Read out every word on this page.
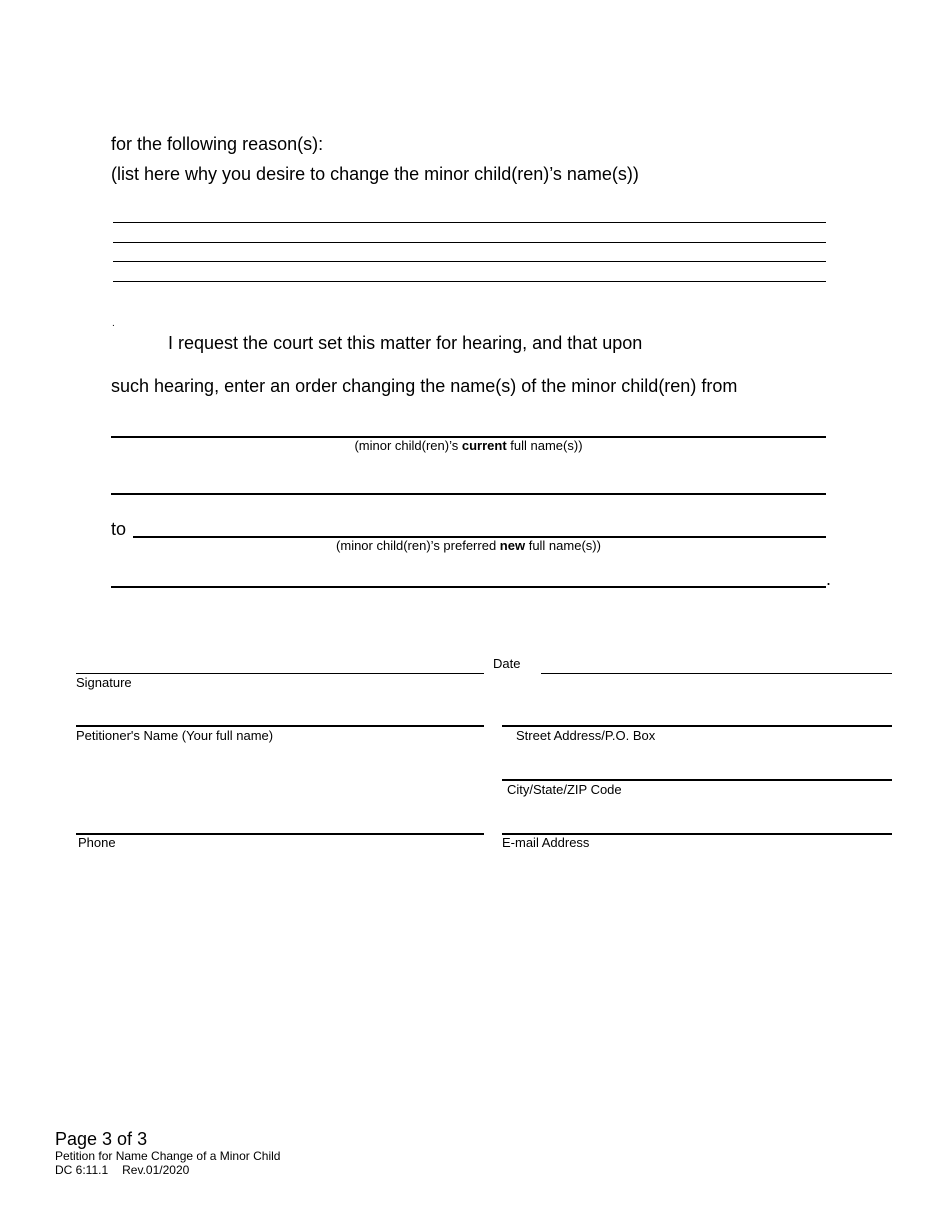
for the following reason(s):
(list here why you desire to change the minor child(ren)’s name(s))
.
I request the court set this matter for hearing, and that upon
such hearing, enter an order changing the name(s) of the minor child(ren) from
(minor child(ren)’s current full name(s))
to
(minor child(ren)’s preferred new full name(s))
.
Date
Signature
Petitioner's Name (Your full name)	Street Address/P.O. Box
City/State/ZIP Code
Phone	E-mail Address
Page 3 of 3
Petition for Name Change of a Minor Child
DC 6:11.1 Rev.01/2020
